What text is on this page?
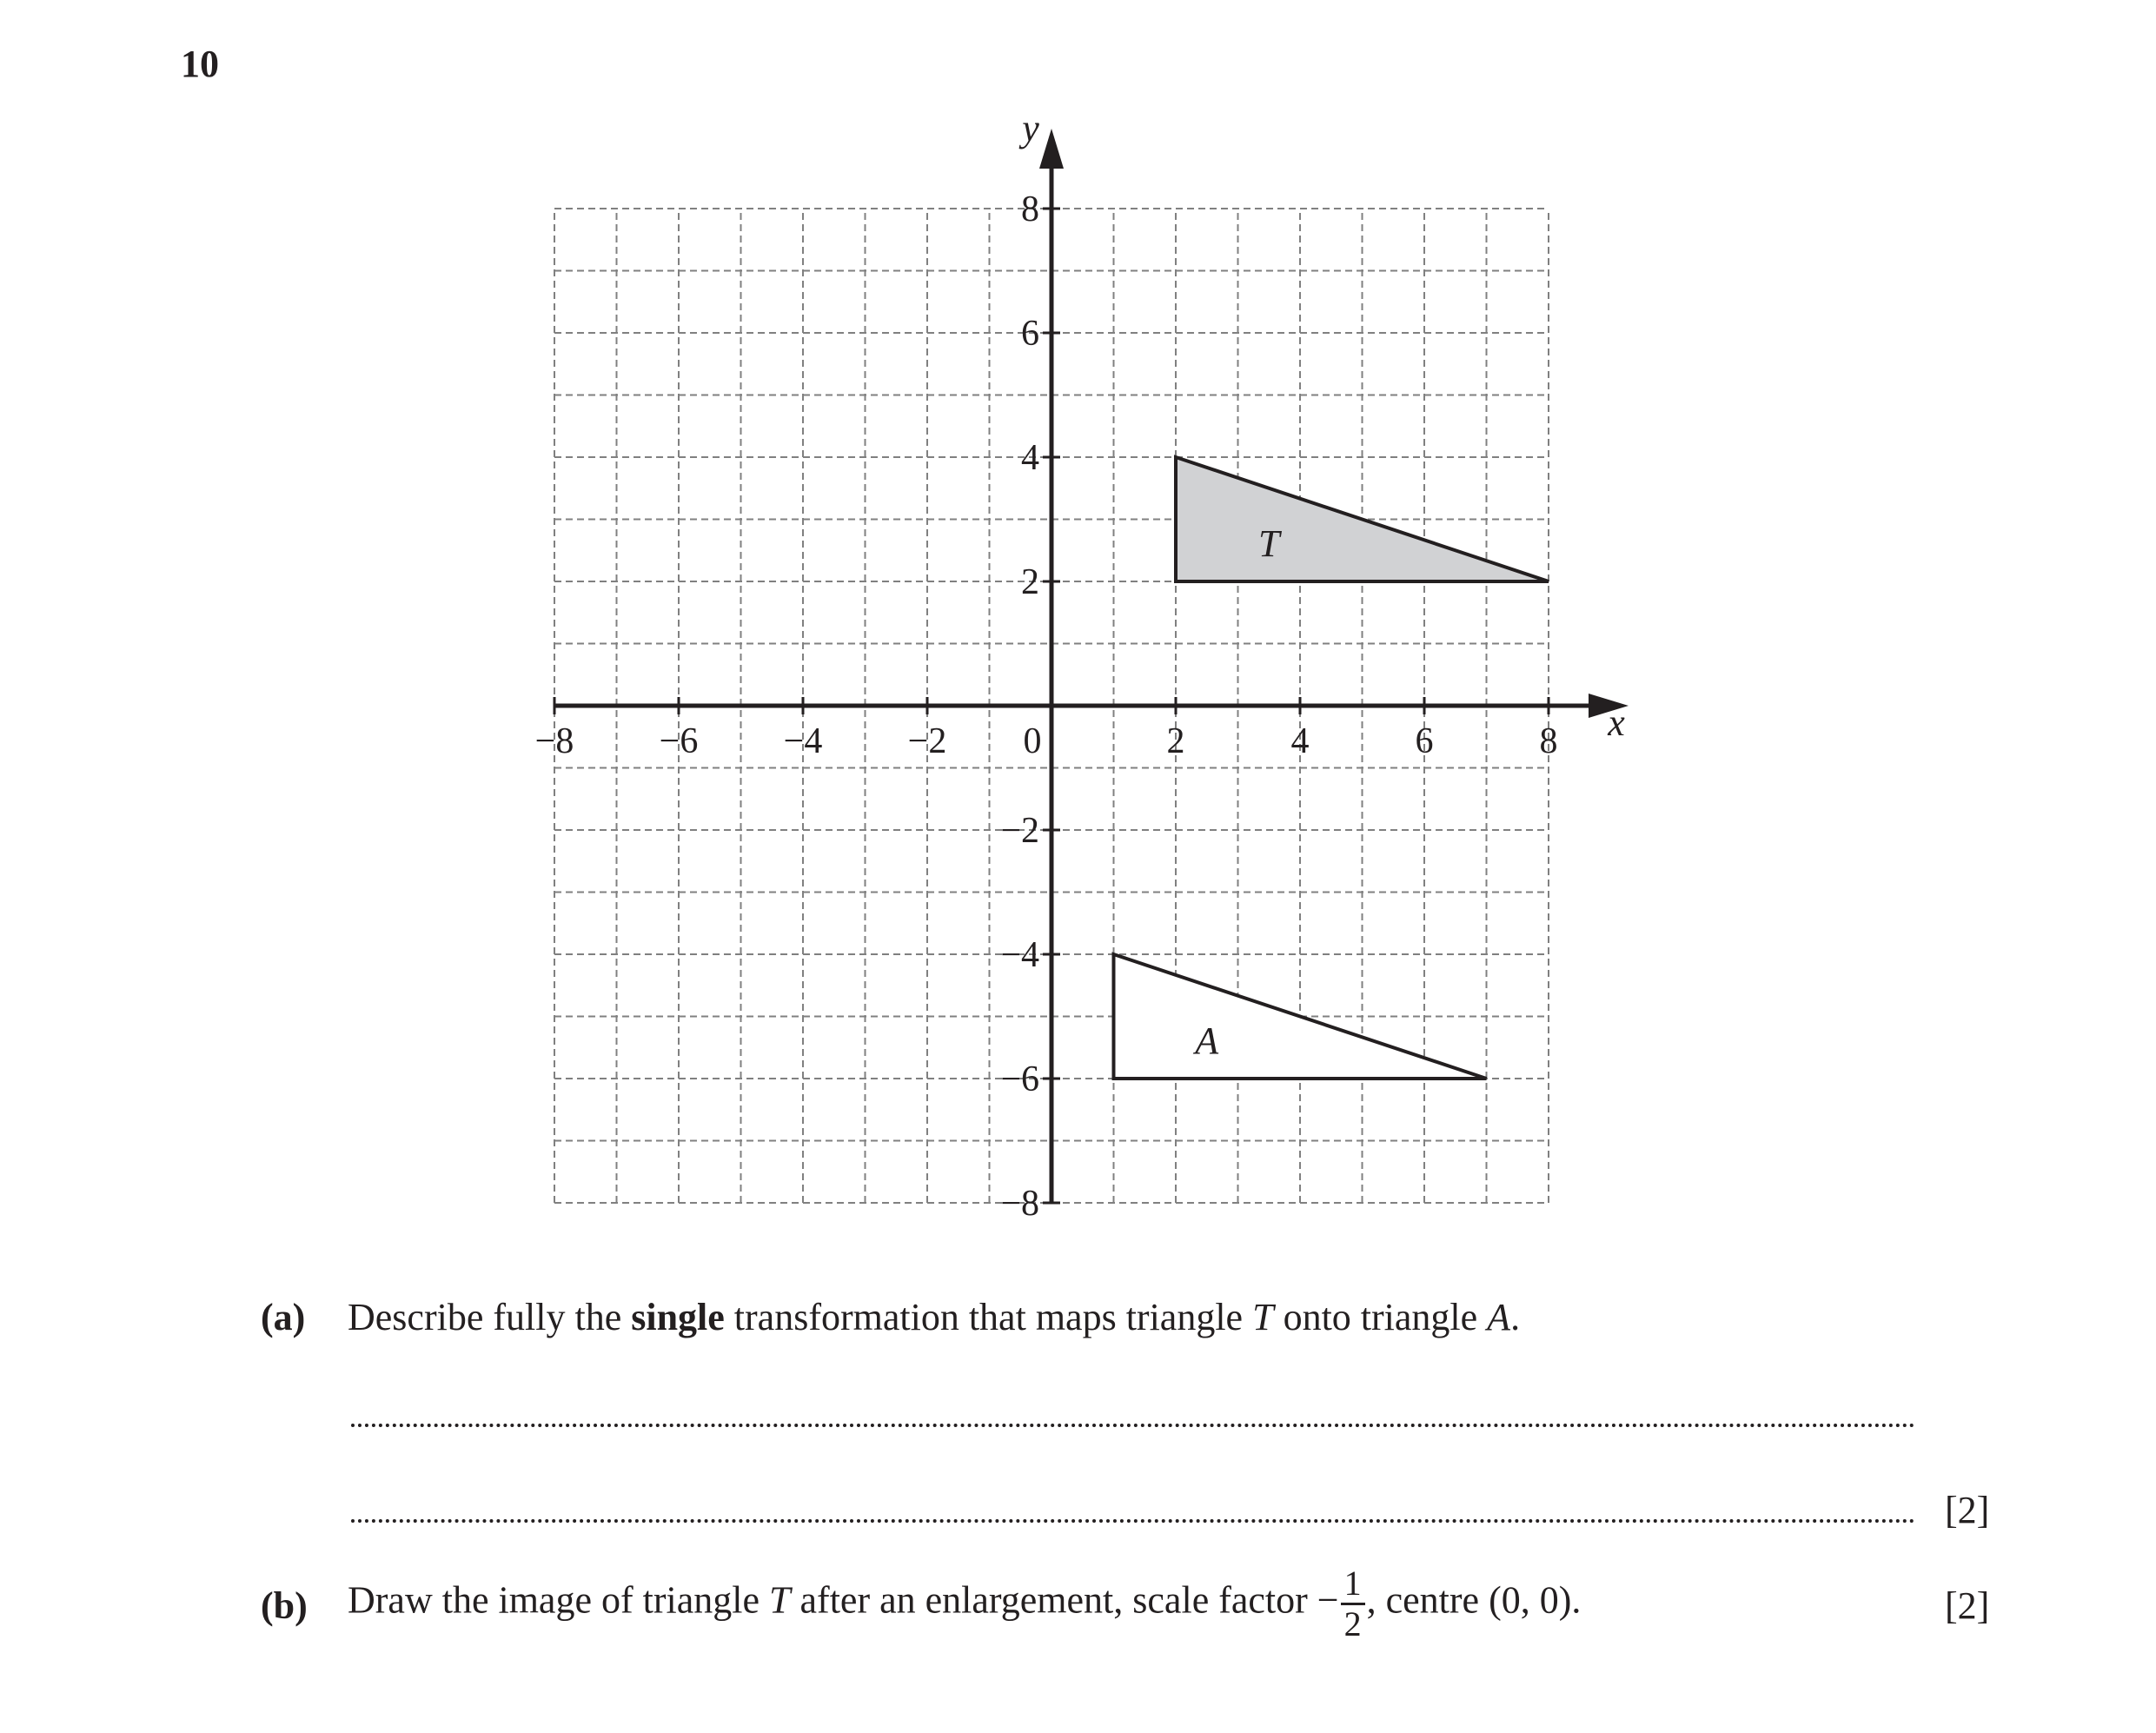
10
T
A
−8 −6 −4 −2 0	2	4	6	8
8
6
4
2
−2
−4
−6
−8
x
y
(a) Describe fully the single transformation that maps triangle T onto triangle A.
[2]
(b) Draw the image of triangle T after an enlargement, scale factor − $\frac{1}{2}$ , centre (0, 0).	[2]
